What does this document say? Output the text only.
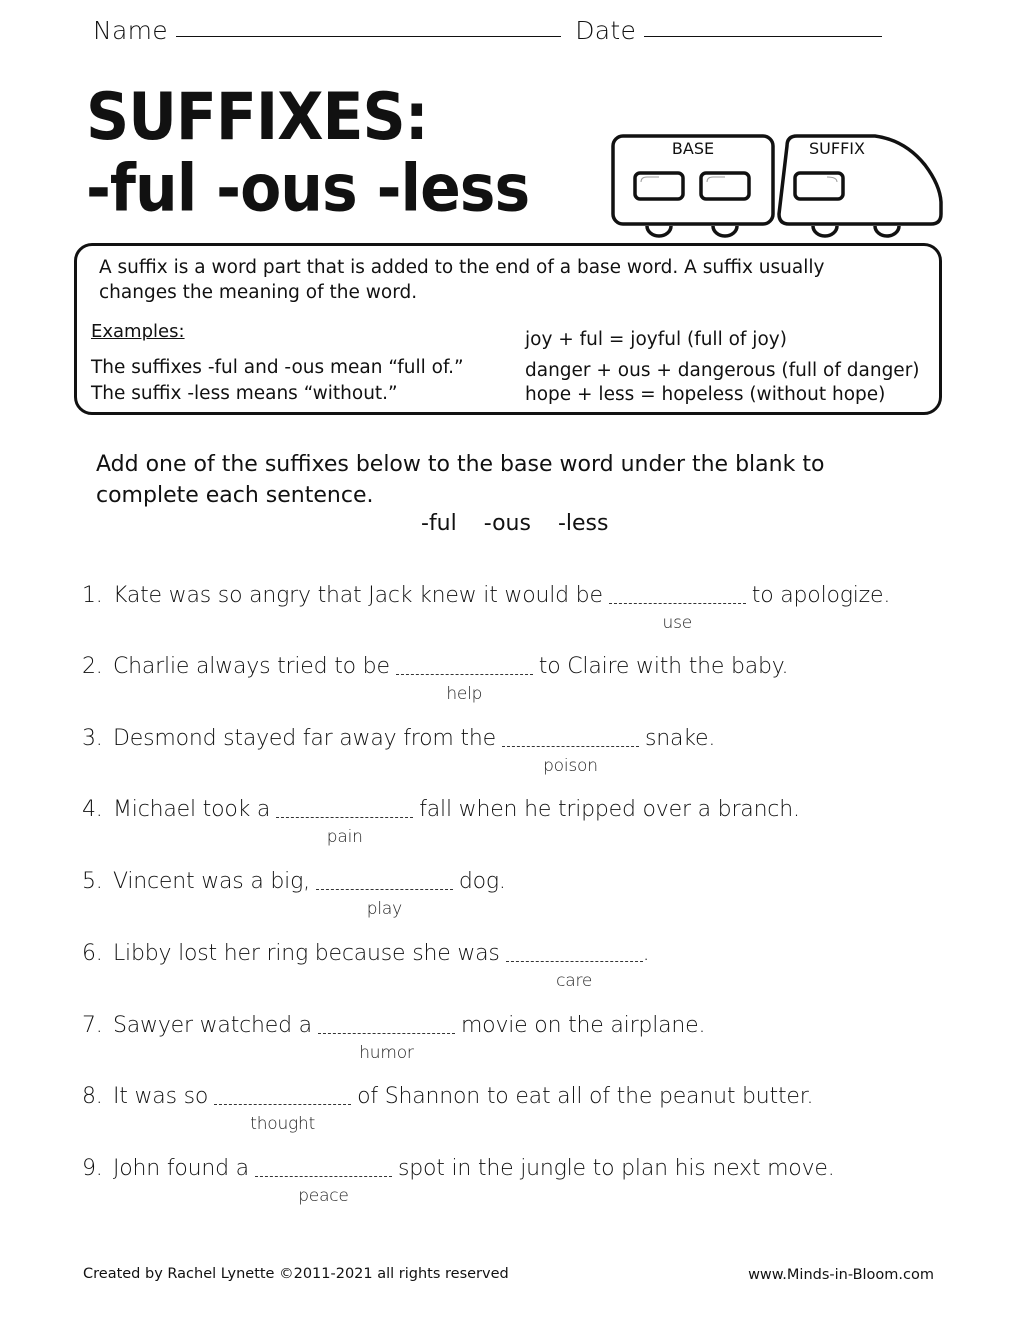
Name	Date
SUFFIXES:
-ful -ous -less
BASE	SUFFIX
A suffix is a word part that is added to the end of a base word. A suffix usually
changes the meaning of the word.
Examples:
The suffixes -ful and -ous mean “full of.”
The suffix -less means “without.”
joy + ful = joyful (full of joy)
danger + ous + dangerous (full of danger)
hope + less = hopeless (without hope)
Add one of the suffixes below to the base word under the blank to
complete each sentence.
-ful -ous -less
1. Kate was so angry that Jack knew it would be
use
to apologize.
2. Charlie always tried to be
help
to Claire with the baby.
3. Desmond stayed far away from the
poison
snake.
4. Michael took a
pain
fall when he tripped over a branch.
5. Vincent was a big,
play
dog.
6. Libby lost her ring because she was
care
.
7. Sawyer watched a
humor
movie on the airplane.
8. It was so
thought
of Shannon to eat all of the peanut butter.
9. John found a
peace
spot in the jungle to plan his next move.
Created by Rachel Lynette ©2011-2021 all rights reserved	www.Minds-in-Bloom.com
